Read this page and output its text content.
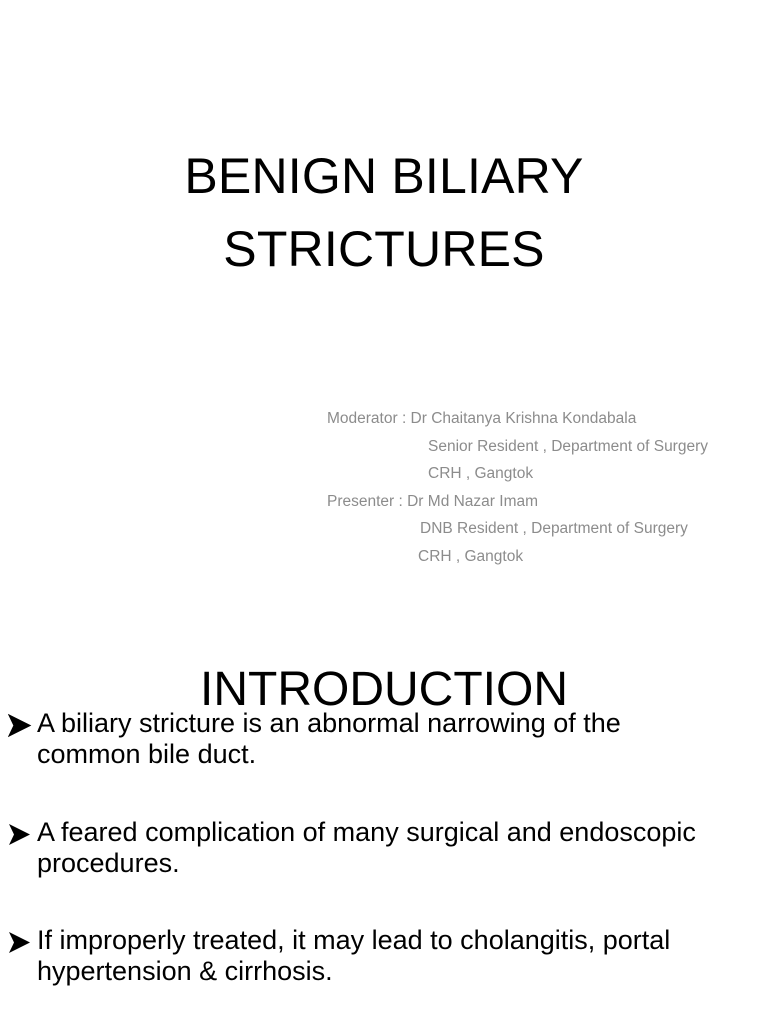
BENIGN BILIARY
STRICTURES
Moderator : Dr Chaitanya Krishna Kondabala
Senior Resident , Department of Surgery
CRH , Gangtok
Presenter : Dr Md Nazar Imam
DNB Resident , Department of Surgery
CRH , Gangtok
INTRODUCTION
A biliary stricture is an abnormal narrowing of the
common bile duct.
A feared complication of many surgical and endoscopic
procedures.
If improperly treated, it may lead to cholangitis, portal
hypertension & cirrhosis.
